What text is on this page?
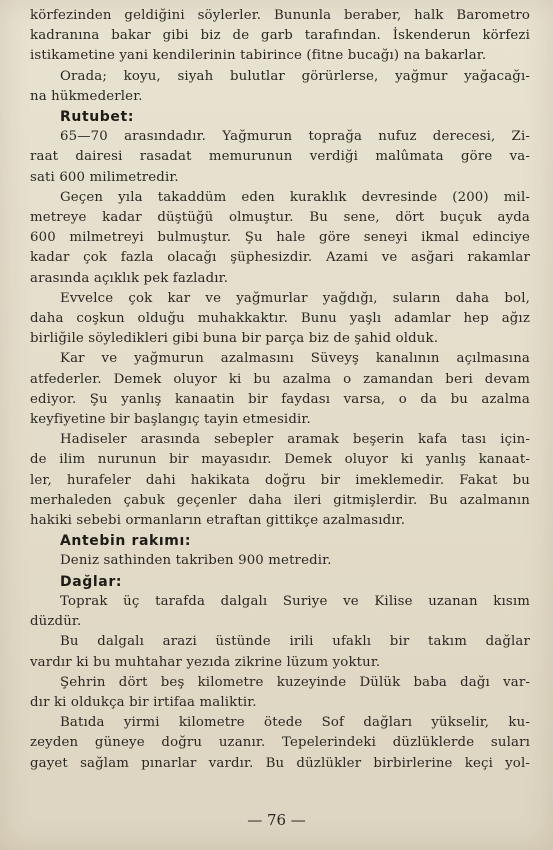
körfezinden geldiğini söylerler. Bununla beraber, halk Barometro
kadranına bakar gibi biz de garb tarafından. İskenderun körfezi
istikametine yani kendilerinin tabirince (fitne bucağı) na bakarlar.
Orada; koyu, siyah bulutlar görürlerse, yağmur yağacağı-
na hükmederler.
Rutubet:
65—70 arasındadır. Yağmurun toprağa nufuz derecesi, Zi-
raat dairesi rasadat memurunun verdiği malûmata göre va-
sati 600 milimetredir.
Geçen yıla takaddüm eden kuraklık devresinde (200) mil-
metreye kadar düştüğü olmuştur. Bu sene, dört buçuk ayda
600 milmetreyi bulmuştur. Şu hale göre seneyi ikmal edinciye
kadar çok fazla olacağı şüphesizdir. Azami ve asğari rakamlar
arasında açıklık pek fazladır.
Evvelce çok kar ve yağmurlar yağdığı, suların daha bol,
daha coşkun olduğu muhakkaktır. Bunu yaşlı adamlar hep ağız
birliğile söyledikleri gibi buna bir parça biz de şahid olduk.
Kar ve yağmurun azalmasını Süveyş kanalının açılmasına
atfederler. Demek oluyor ki bu azalma o zamandan beri devam
ediyor. Şu yanlış kanaatin bir faydası varsa, o da bu azalma
keyfiyetine bir başlangıç tayin etmesidir.
Hadiseler arasında sebepler aramak beşerin kafa tası için-
de ilim nurunun bir mayasıdır. Demek oluyor ki yanlış kanaat-
ler, hurafeler dahi hakikata doğru bir imeklemedir. Fakat bu
merhaleden çabuk geçenler daha ileri gitmişlerdir. Bu azalmanın
hakiki sebebi ormanların etraftan gittikçe azalmasıdır.
Antebin rakımı:
Deniz sathinden takriben 900 metredir.
Dağlar:
Toprak üç tarafda dalgalı Suriye ve Kilise uzanan kısım
düzdür.
Bu dalgalı arazi üstünde irili ufaklı bir takım dağlar
vardır ki bu muhtahar yezıda zikrine lüzum yoktur.
Şehrin dört beş kilometre kuzeyinde Dülük baba dağı var-
dır ki oldukça bir irtifaa maliktir.
Batıda yirmi kilometre ötede Sof dağları yükselir, ku-
zeyden güneye doğru uzanır. Tepelerindeki düzlüklerde suları
gayet sağlam pınarlar vardır. Bu düzlükler birbirlerine keçi yol-
— 76 —
